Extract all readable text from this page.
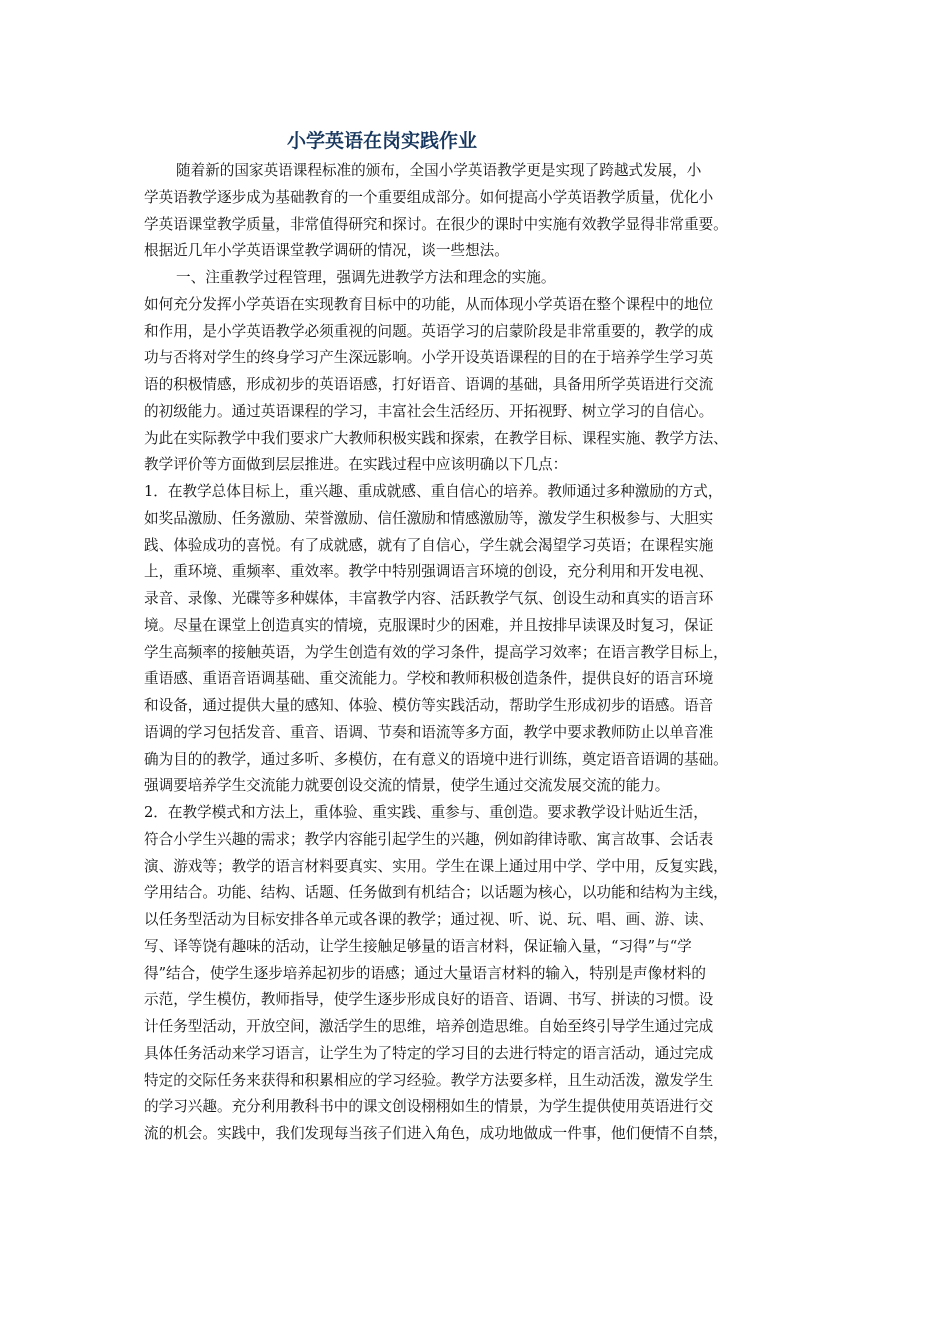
小学英语在岗实践作业
随着新的国家英语课程标准的颁布，全国小学英语教学更是实现了跨越式发展，小
学英语教学逐步成为基础教育的一个重要组成部分。如何提高小学英语教学质量，优化小
学英语课堂教学质量，非常值得研究和探讨。在很少的课时中实施有效教学显得非常重要。
根据近几年小学英语课堂教学调研的情况，谈一些想法。
一、注重教学过程管理，强调先进教学方法和理念的实施。
如何充分发挥小学英语在实现教育目标中的功能，从而体现小学英语在整个课程中的地位
和作用，是小学英语教学必须重视的问题。英语学习的启蒙阶段是非常重要的，教学的成
功与否将对学生的终身学习产生深远影响。小学开设英语课程的目的在于培养学生学习英
语的积极情感，形成初步的英语语感，打好语音、语调的基础，具备用所学英语进行交流
的初级能力。通过英语课程的学习，丰富社会生活经历、开拓视野、树立学习的自信心。
为此在实际教学中我们要求广大教师积极实践和探索，在教学目标、课程实施、教学方法、
教学评价等方面做到层层推进。在实践过程中应该明确以下几点：
1．在教学总体目标上，重兴趣、重成就感、重自信心的培养。教师通过多种激励的方式，
如奖品激励、任务激励、荣誉激励、信任激励和情感激励等，激发学生积极参与、大胆实
践、体验成功的喜悦。有了成就感，就有了自信心，学生就会渴望学习英语；在课程实施
上，重环境、重频率、重效率。教学中特别强调语言环境的创设，充分利用和开发电视、
录音、录像、光碟等多种媒体，丰富教学内容、活跃教学气氛、创设生动和真实的语言环
境。尽量在课堂上创造真实的情境，克服课时少的困难，并且按排早读课及时复习，保证
学生高频率的接触英语，为学生创造有效的学习条件，提高学习效率；在语言教学目标上，
重语感、重语音语调基础、重交流能力。学校和教师积极创造条件，提供良好的语言环境
和设备，通过提供大量的感知、体验、模仿等实践活动，帮助学生形成初步的语感。语音
语调的学习包括发音、重音、语调、节奏和语流等多方面，教学中要求教师防止以单音准
确为目的的教学，通过多听、多模仿，在有意义的语境中进行训练，奠定语音语调的基础。
强调要培养学生交流能力就要创设交流的情景，使学生通过交流发展交流的能力。
2．在教学模式和方法上，重体验、重实践、重参与、重创造。要求教学设计贴近生活，
符合小学生兴趣的需求；教学内容能引起学生的兴趣，例如韵律诗歌、寓言故事、会话表
演、游戏等；教学的语言材料要真实、实用。学生在课上通过用中学、学中用，反复实践，
学用结合。功能、结构、话题、任务做到有机结合；以话题为核心，以功能和结构为主线，
以任务型活动为目标安排各单元或各课的教学；通过视、听、说、玩、唱、画、游、读、
写、译等饶有趣味的活动，让学生接触足够量的语言材料，保证输入量，“习得”与“学
得”结合，使学生逐步培养起初步的语感；通过大量语言材料的输入，特别是声像材料的
示范，学生模仿，教师指导，使学生逐步形成良好的语音、语调、书写、拼读的习惯。设
计任务型活动，开放空间，激活学生的思维，培养创造思维。自始至终引导学生通过完成
具体任务活动来学习语言，让学生为了特定的学习目的去进行特定的语言活动，通过完成
特定的交际任务来获得和积累相应的学习经验。教学方法要多样，且生动活泼，激发学生
的学习兴趣。充分利用教科书中的课文创设栩栩如生的情景，为学生提供使用英语进行交
流的机会。实践中，我们发现每当孩子们进入角色，成功地做成一件事，他们便情不自禁，
